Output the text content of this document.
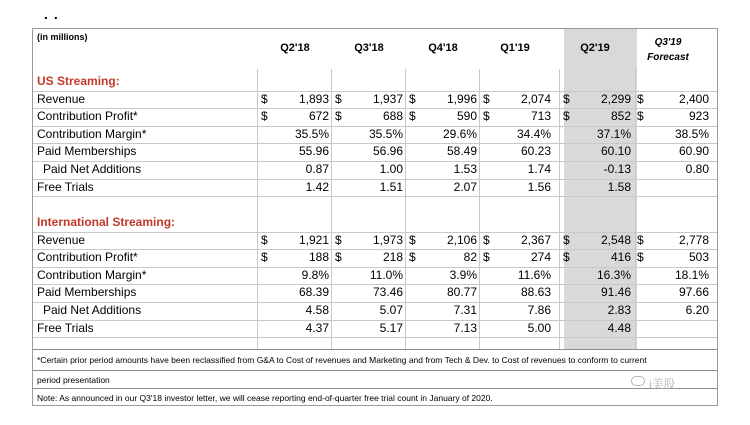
..
(in millions)
Q2'18	Q3'18	Q4'18	Q1'19	Q2'19	Q3'19
Forecast
US Streaming:
Revenue	$	1,893 $	1,937 $	1,996 $	2,074 $	2,299 $	2,400
Contribution Profit*	$	672 $	688 $	590 $	713 $	852 $	923
Contribution Margin*	35.5%	35.5%	29.6%	34.4%	37.1%	38.5%
Paid Memberships	55.96	56.96	58.49	60.23	60.10	60.90
Paid Net Additions	0.87	1.00	1.53	1.74	-0.13	0.80
Free Trials	1.42	1.51	2.07	1.56	1.58
International Streaming:
Revenue	$	1,921 $	1,973 $	2,106 $	2,367 $	2,548 $	2,778
Contribution Profit*	$	188 $	218 $	82 $	274 $	416 $	503
Contribution Margin*	9.8%	11.0%	3.9%	11.6%	16.3%	18.1%
Paid Memberships	68.39	73.46	80.77	88.63	91.46	97.66
Paid Net Additions	4.58	5.07	7.31	7.86	2.83	6.20
Free Trials	4.37	5.17	7.13	5.00	4.48
*Certain prior period amounts have been reclassified from G&A to Cost of revenues and Marketing and from Tech & Dev. to Cost of revenues to conform to current
period presentation
Note: As announced in our Q3'18 investor letter, we will cease reporting end-of-quarter free trial count in January of 2020.
i美股
